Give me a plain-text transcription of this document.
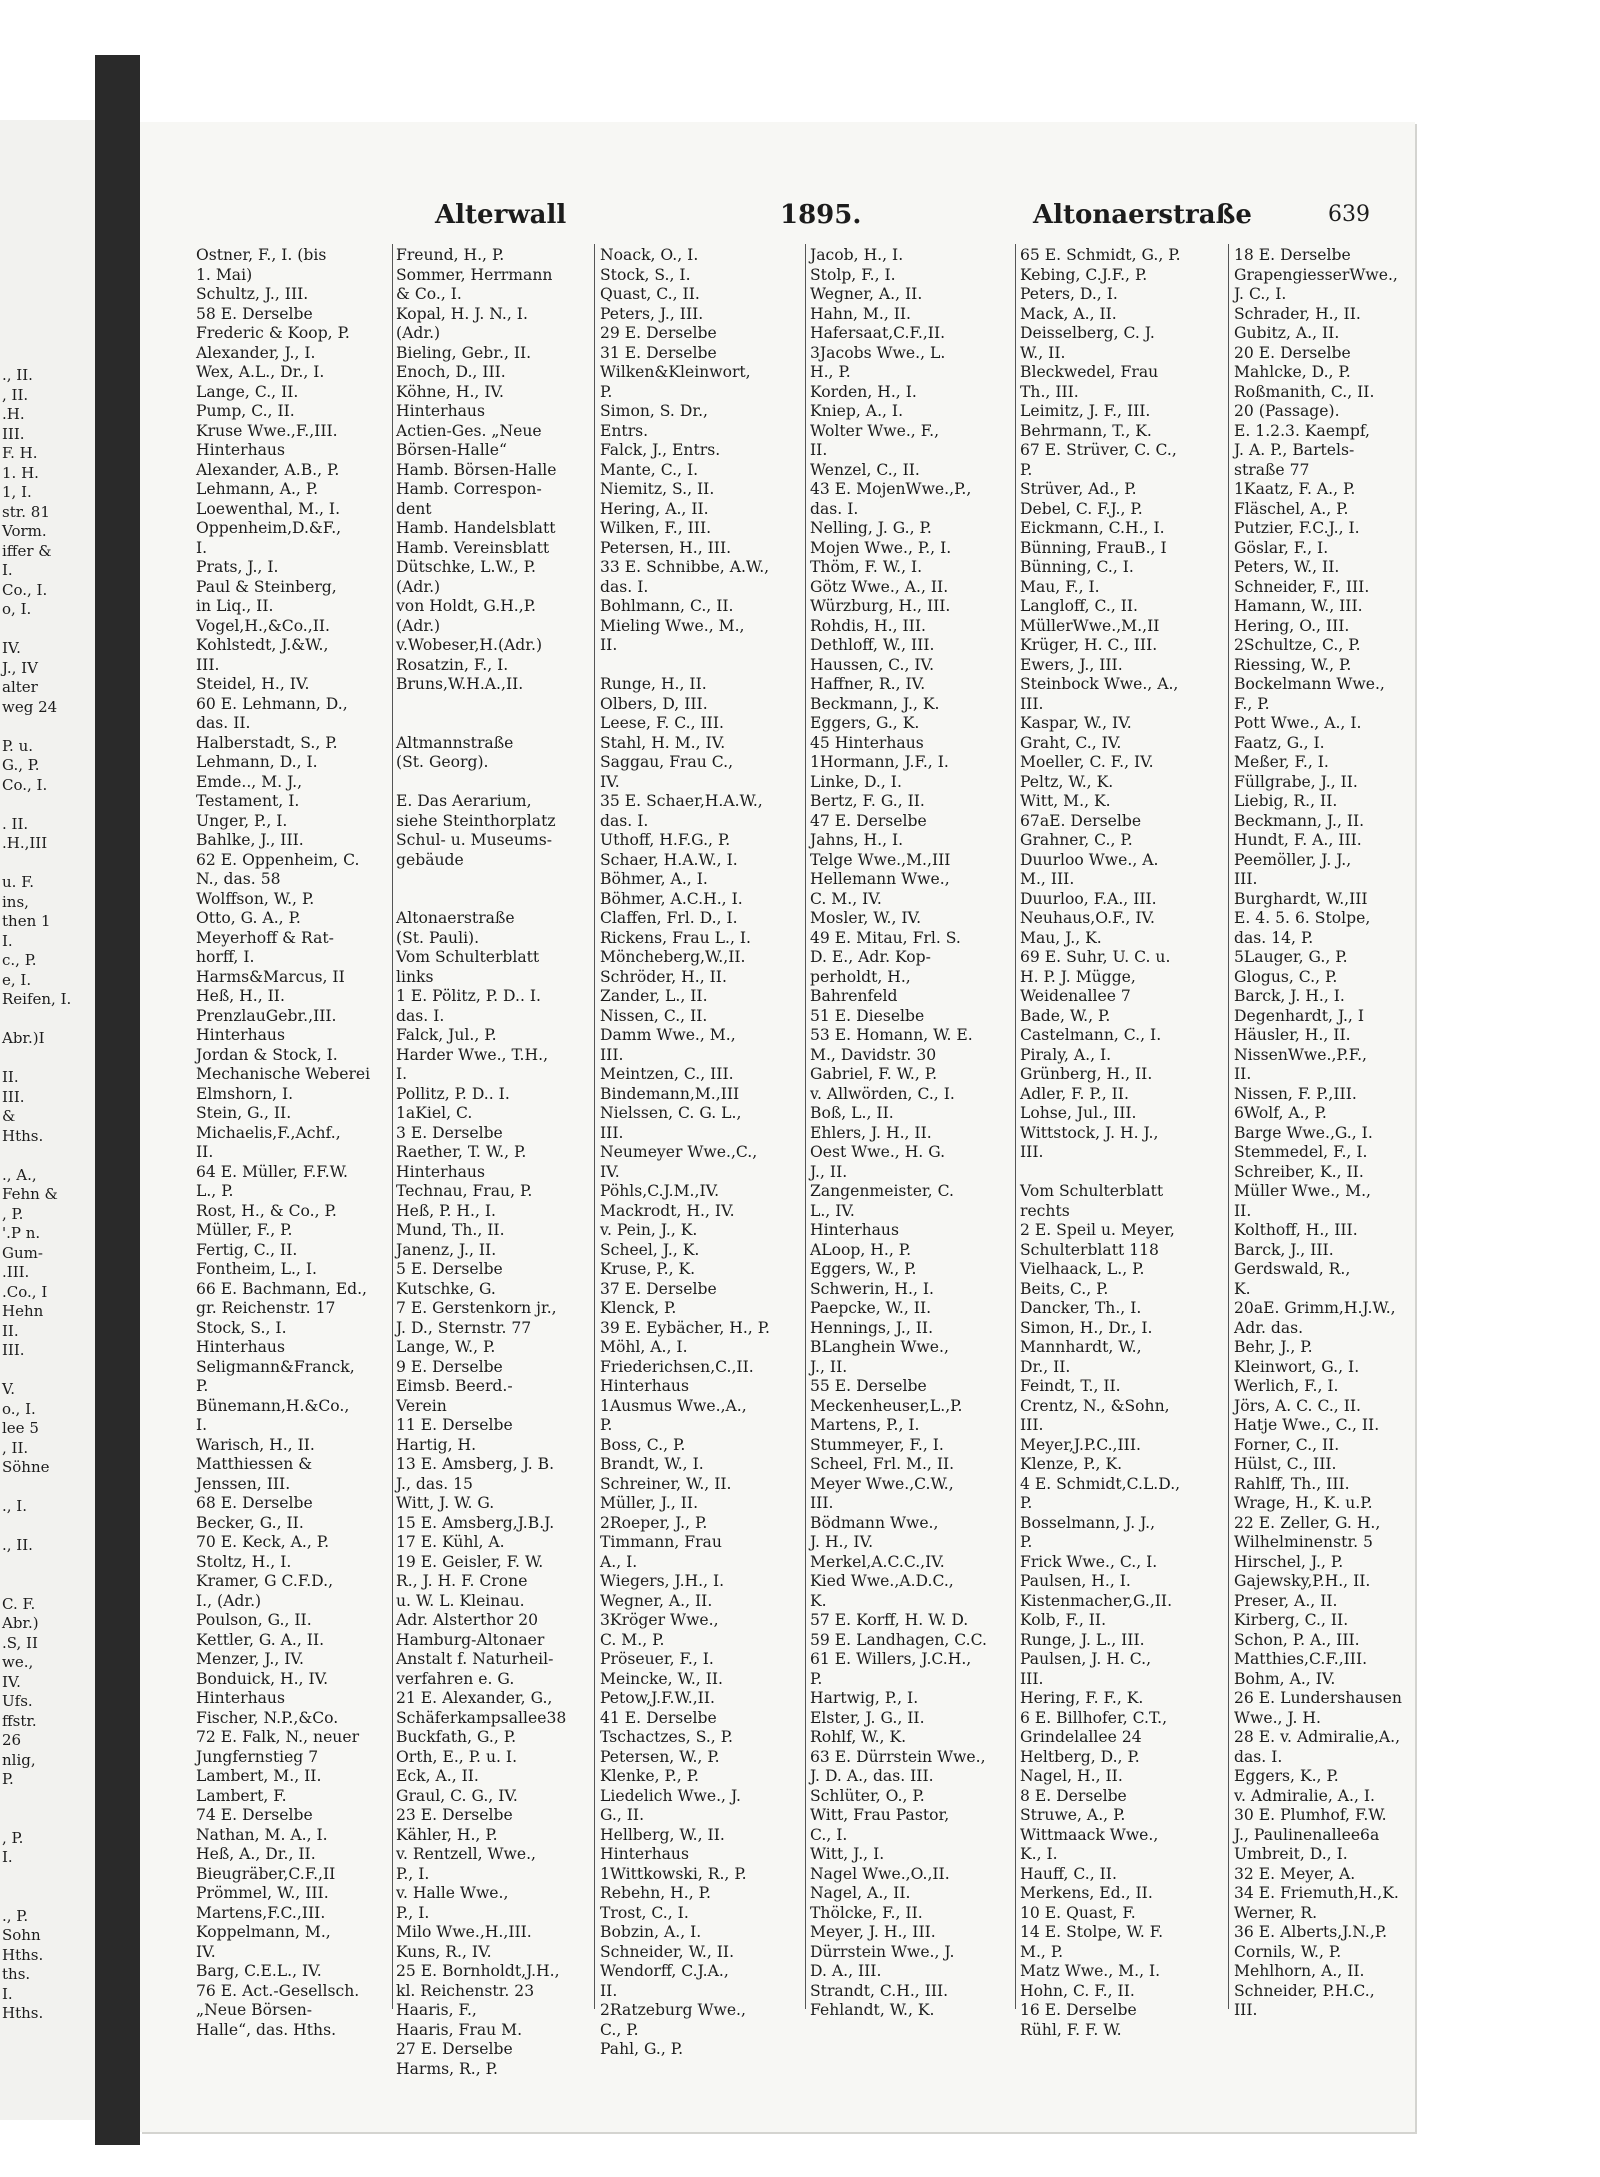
., II.
, II.
.H.
III.
F. H.
1. H.
1, I.
str. 81
Vorm.
iffer &
I.
Co., I.
o, I.
IV.
J., IV
alter
weg 24
P. u.
G., P.
Co., I.
. II.
.H.,III
u. F.
ins,
then 1
I.
c., P.
e, I.
Reifen, I.
Abr.)I
II.
III.
&
Hths.
., A.,
Fehn &
, P.
'.P n.
Gum-
.III.
.Co., I
Hehn
II.
III.
V.
o., I.
lee 5
, II.
Söhne
., I.
., II.
C. F.
Abr.)
.S, II
we.,
IV.
Ufs.
ffstr.
26
nlig,
P.
, P.
I.
., P.
Sohn
Hths.
ths.
I.
Hths.
Alterwall	1895.	Altonaerstraße	639
Ostner, F., I. (bis
1. Mai)
Schultz, J., III.
58 E. Derselbe
Frederic & Koop, P.
Alexander, J., I.
Wex, A.L., Dr., I.
Lange, C., II.
Pump, C., II.
Kruse Wwe.,F.,III.
Hinterhaus
Alexander, A.B., P.
Lehmann, A., P.
Loewenthal, M., I.
Oppenheim,D.&F.,
I.
Prats, J., I.
Paul & Steinberg,
in Liq., II.
Vogel,H.,&Co.,II.
Kohlstedt, J.&W.,
III.
Steidel, H., IV.
60 E. Lehmann, D.,
das. II.
Halberstadt, S., P.
Lehmann, D., I.
Emde.., M. J.,
Testament, I.
Unger, P., I.
Bahlke, J., III.
62 E. Oppenheim, C.
N., das. 58
Wolffson, W., P.
Otto, G. A., P.
Meyerhoff & Rat-
horff, I.
Harms&Marcus, II
Heß, H., II.
PrenzlauGebr.,III.
Hinterhaus
Jordan & Stock, I.
Mechanische Weberei
Elmshorn, I.
Stein, G., II.
Michaelis,F.,Achf.,
II.
64 E. Müller, F.F.W.
L., P.
Rost, H., & Co., P.
Müller, F., P.
Fertig, C., II.
Fontheim, L., I.
66 E. Bachmann, Ed.,
gr. Reichenstr. 17
Stock, S., I.
Hinterhaus
Seligmann&Franck,
P.
Bünemann,H.&Co.,
I.
Warisch, H., II.
Matthiessen &
Jenssen, III.
68 E. Derselbe
Becker, G., II.
70 E. Keck, A., P.
Stoltz, H., I.
Kramer, G C.F.D.,
I., (Adr.)
Poulson, G., II.
Kettler, G. A., II.
Menzer, J., IV.
Bonduick, H., IV.
Hinterhaus
Fischer, N.P.,&Co.
72 E. Falk, N., neuer
Jungfernstieg 7
Lambert, M., II.
Lambert, F.
74 E. Derselbe
Nathan, M. A., I.
Heß, A., Dr., II.
Bieugräber,C.F.,II
Prömmel, W., III.
Martens,F.C.,III.
Koppelmann, M.,
IV.
Barg, C.E.L., IV.
76 E. Act.-Gesellsch.
„Neue Börsen-
Halle“, das. Hths.
Freund, H., P.
Sommer, Herrmann
& Co., I.
Kopal, H. J. N., I.
(Adr.)
Bieling, Gebr., II.
Enoch, D., III.
Köhne, H., IV.
Hinterhaus
Actien-Ges. „Neue
Börsen-Halle“
Hamb. Börsen-Halle
Hamb. Correspon-
dent
Hamb. Handelsblatt
Hamb. Vereinsblatt
Dütschke, L.W., P.
(Adr.)
von Holdt, G.H.,P.
(Adr.)
v.Wobeser,H.(Adr.)
Rosatzin, F., I.
Bruns,W.H.A.,II.
Altmannstraße
(St. Georg).
E. Das Aerarium,
siehe Steinthorplatz
Schul- u. Museums-
gebäude
Altonaerstraße
(St. Pauli).
Vom Schulterblatt
links
1 E. Pölitz, P. D.. I.
das. I.
Falck, Jul., P.
Harder Wwe., T.H.,
I.
Pollitz, P. D.. I.
1aKiel, C.
3 E. Derselbe
Raether, T. W., P.
Hinterhaus
Technau, Frau, P.
Heß, P. H., I.
Mund, Th., II.
Janenz, J., II.
5 E. Derselbe
Kutschke, G.
7 E. Gerstenkorn jr.,
J. D., Sternstr. 77
Lange, W., P.
9 E. Derselbe
Eimsb. Beerd.-
Verein
11 E. Derselbe
Hartig, H.
13 E. Amsberg, J. B.
J., das. 15
Witt, J. W. G.
15 E. Amsberg,J.B.J.
17 E. Kühl, A.
19 E. Geisler, F. W.
R., J. H. F. Crone
u. W. L. Kleinau.
Adr. Alsterthor 20
Hamburg-Altonaer
Anstalt f. Naturheil-
verfahren e. G.
21 E. Alexander, G.,
Schäferkampsallee38
Buckfath, G., P.
Orth, E., P. u. I.
Eck, A., II.
Graul, C. G., IV.
23 E. Derselbe
Kähler, H., P.
v. Rentzell, Wwe.,
P., I.
v. Halle Wwe.,
P., I.
Milo Wwe.,H.,III.
Kuns, R., IV.
25 E. Bornholdt,J.H.,
kl. Reichenstr. 23
Haaris, F.,
Haaris, Frau M.
27 E. Derselbe
Harms, R., P.
Noack, O., I.
Stock, S., I.
Quast, C., II.
Peters, J., III.
29 E. Derselbe
31 E. Derselbe
Wilken&Kleinwort,
P.
Simon, S. Dr.,
Entrs.
Falck, J., Entrs.
Mante, C., I.
Niemitz, S., II.
Hering, A., II.
Wilken, F., III.
Petersen, H., III.
33 E. Schnibbe, A.W.,
das. I.
Bohlmann, C., II.
Mieling Wwe., M.,
II.
Runge, H., II.
Olbers, D, III.
Leese, F. C., III.
Stahl, H. M., IV.
Saggau, Frau C.,
IV.
35 E. Schaer,H.A.W.,
das. I.
Uthoff, H.F.G., P.
Schaer, H.A.W., I.
Böhmer, A., I.
Böhmer, A.C.H., I.
Claffen, Frl. D., I.
Rickens, Frau L., I.
Möncheberg,W.,II.
Schröder, H., II.
Zander, L., II.
Nissen, C., II.
Damm Wwe., M.,
III.
Meintzen, C., III.
Bindemann,M.,III
Nielssen, C. G. L.,
III.
Neumeyer Wwe.,C.,
IV.
Pöhls,C.J.M.,IV.
Mackrodt, H., IV.
v. Pein, J., K.
Scheel, J., K.
Kruse, P., K.
37 E. Derselbe
Klenck, P.
39 E. Eybächer, H., P.
Möhl, A., I.
Friederichsen,C.,II.
Hinterhaus
1Ausmus Wwe.,A.,
P.
Boss, C., P.
Brandt, W., I.
Schreiner, W., II.
Müller, J., II.
2Roeper, J., P.
Timmann, Frau
A., I.
Wiegers, J.H., I.
Wegner, A., II.
3Kröger Wwe.,
C. M., P.
Pröseuer, F., I.
Meincke, W., II.
Petow,J.F.W.,II.
41 E. Derselbe
Tschactzes, S., P.
Petersen, W., P.
Klenke, P., P.
Liedelich Wwe., J.
G., II.
Hellberg, W., II.
Hinterhaus
1Wittkowski, R., P.
Rebehn, H., P.
Trost, C., I.
Bobzin, A., I.
Schneider, W., II.
Wendorff, C.J.A.,
II.
2Ratzeburg Wwe.,
C., P.
Pahl, G., P.
Jacob, H., I.
Stolp, F., I.
Wegner, A., II.
Hahn, M., II.
Hafersaat,C.F.,II.
3Jacobs Wwe., L.
H., P.
Korden, H., I.
Kniep, A., I.
Wolter Wwe., F.,
II.
Wenzel, C., II.
43 E. MojenWwe.,P.,
das. I.
Nelling, J. G., P.
Mojen Wwe., P., I.
Thöm, F. W., I.
Götz Wwe., A., II.
Würzburg, H., III.
Rohdis, H., III.
Dethloff, W., III.
Haussen, C., IV.
Haffner, R., IV.
Beckmann, J., K.
Eggers, G., K.
45 Hinterhaus
1Hormann, J.F., I.
Linke, D., I.
Bertz, F. G., II.
47 E. Derselbe
Jahns, H., I.
Telge Wwe.,M.,III
Hellemann Wwe.,
C. M., IV.
Mosler, W., IV.
49 E. Mitau, Frl. S.
D. E., Adr. Kop-
perholdt, H.,
Bahrenfeld
51 E. Dieselbe
53 E. Homann, W. E.
M., Davidstr. 30
Gabriel, F. W., P.
v. Allwörden, C., I.
Boß, L., II.
Ehlers, J. H., II.
Oest Wwe., H. G.
J., II.
Zangenmeister, C.
L., IV.
Hinterhaus
ALoop, H., P.
Eggers, W., P.
Schwerin, H., I.
Paepcke, W., II.
Hennings, J., II.
BLanghein Wwe.,
J., II.
55 E. Derselbe
Meckenheuser,L.,P.
Martens, P., I.
Stummeyer, F., I.
Scheel, Frl. M., II.
Meyer Wwe.,C.W.,
III.
Bödmann Wwe.,
J. H., IV.
Merkel,A.C.C.,IV.
Kied Wwe.,A.D.C.,
K.
57 E. Korff, H. W. D.
59 E. Landhagen, C.C.
61 E. Willers, J.C.H.,
P.
Hartwig, P., I.
Elster, J. G., II.
Rohlf, W., K.
63 E. Dürrstein Wwe.,
J. D. A., das. III.
Schlüter, O., P.
Witt, Frau Pastor,
C., I.
Witt, J., I.
Nagel Wwe.,O.,II.
Nagel, A., II.
Thölcke, F., II.
Meyer, J. H., III.
Dürrstein Wwe., J.
D. A., III.
Strandt, C.H., III.
Fehlandt, W., K.
65 E. Schmidt, G., P.
Kebing, C.J.F., P.
Peters, D., I.
Mack, A., II.
Deisselberg, C. J.
W., II.
Bleckwedel, Frau
Th., III.
Leimitz, J. F., III.
Behrmann, T., K.
67 E. Strüver, C. C.,
P.
Strüver, Ad., P.
Debel, C. F.J., P.
Eickmann, C.H., I.
Bünning, FrauB., I
Bünning, C., I.
Mau, F., I.
Langloff, C., II.
MüllerWwe.,M.,II
Krüger, H. C., III.
Ewers, J., III.
Steinbock Wwe., A.,
III.
Kaspar, W., IV.
Graht, C., IV.
Moeller, C. F., IV.
Peltz, W., K.
Witt, M., K.
67aE. Derselbe
Grahner, C., P.
Duurloo Wwe., A.
M., III.
Duurloo, F.A., III.
Neuhaus,O.F., IV.
Mau, J., K.
69 E. Suhr, U. C. u.
H. P. J. Mügge,
Weidenallee 7
Bade, W., P.
Castelmann, C., I.
Piraly, A., I.
Grünberg, H., II.
Adler, F. P., II.
Lohse, Jul., III.
Wittstock, J. H. J.,
III.
Vom Schulterblatt
rechts
2 E. Speil u. Meyer,
Schulterblatt 118
Vielhaack, L., P.
Beits, C., P.
Dancker, Th., I.
Simon, H., Dr., I.
Mannhardt, W.,
Dr., II.
Feindt, T., II.
Crentz, N., &Sohn,
III.
Meyer,J.P.C.,III.
Klenze, P., K.
4 E. Schmidt,C.L.D.,
P.
Bosselmann, J. J.,
P.
Frick Wwe., C., I.
Paulsen, H., I.
Kistenmacher,G.,II.
Kolb, F., II.
Runge, J. L., III.
Paulsen, J. H. C.,
III.
Hering, F. F., K.
6 E. Billhofer, C.T.,
Grindelallee 24
Heltberg, D., P.
Nagel, H., II.
8 E. Derselbe
Struwe, A., P.
Wittmaack Wwe.,
K., I.
Hauff, C., II.
Merkens, Ed., II.
10 E. Quast, F.
14 E. Stolpe, W. F.
M., P.
Matz Wwe., M., I.
Hohn, C. F., II.
16 E. Derselbe
Rühl, F. F. W.
18 E. Derselbe
GrapengiesserWwe.,
J. C., I.
Schrader, H., II.
Gubitz, A., II.
20 E. Derselbe
Mahlcke, D., P.
Roßmanith, C., II.
20 (Passage).
E. 1.2.3. Kaempf,
J. A. P., Bartels-
straße 77
1Kaatz, F. A., P.
Fläschel, A., P.
Putzier, F.C.J., I.
Göslar, F., I.
Peters, W., II.
Schneider, F., III.
Hamann, W., III.
Hering, O., III.
2Schultze, C., P.
Riessing, W., P.
Bockelmann Wwe.,
F., P.
Pott Wwe., A., I.
Faatz, G., I.
Meßer, F., I.
Füllgrabe, J., II.
Liebig, R., II.
Beckmann, J., II.
Hundt, F. A., III.
Peemöller, J. J.,
III.
Burghardt, W.,III
E. 4. 5. 6. Stolpe,
das. 14, P.
5Lauger, G., P.
Glogus, C., P.
Barck, J. H., I.
Degenhardt, J., I
Häusler, H., II.
NissenWwe.,P.F.,
II.
Nissen, F. P.,III.
6Wolf, A., P.
Barge Wwe.,G., I.
Stemmedel, F., I.
Schreiber, K., II.
Müller Wwe., M.,
II.
Kolthoff, H., III.
Barck, J., III.
Gerdswald, R.,
K.
20aE. Grimm,H.J.W.,
Adr. das.
Behr, J., P.
Kleinwort, G., I.
Werlich, F., I.
Jörs, A. C. C., II.
Hatje Wwe., C., II.
Forner, C., II.
Hülst, C., III.
Rahlff, Th., III.
Wrage, H., K. u.P.
22 E. Zeller, G. H.,
Wilhelminenstr. 5
Hirschel, J., P.
Gajewsky,P.H., II.
Preser, A., II.
Kirberg, C., II.
Schon, P. A., III.
Matthies,C.F.,III.
Bohm, A., IV.
26 E. Lundershausen
Wwe., J. H.
28 E. v. Admiralie,A.,
das. I.
Eggers, K., P.
v. Admiralie, A., I.
30 E. Plumhof, F.W.
J., Paulinenallee6a
Umbreit, D., I.
32 E. Meyer, A.
34 E. Friemuth,H.,K.
Werner, R.
36 E. Alberts,J.N.,P.
Cornils, W., P.
Mehlhorn, A., II.
Schneider, P.H.C.,
III.
